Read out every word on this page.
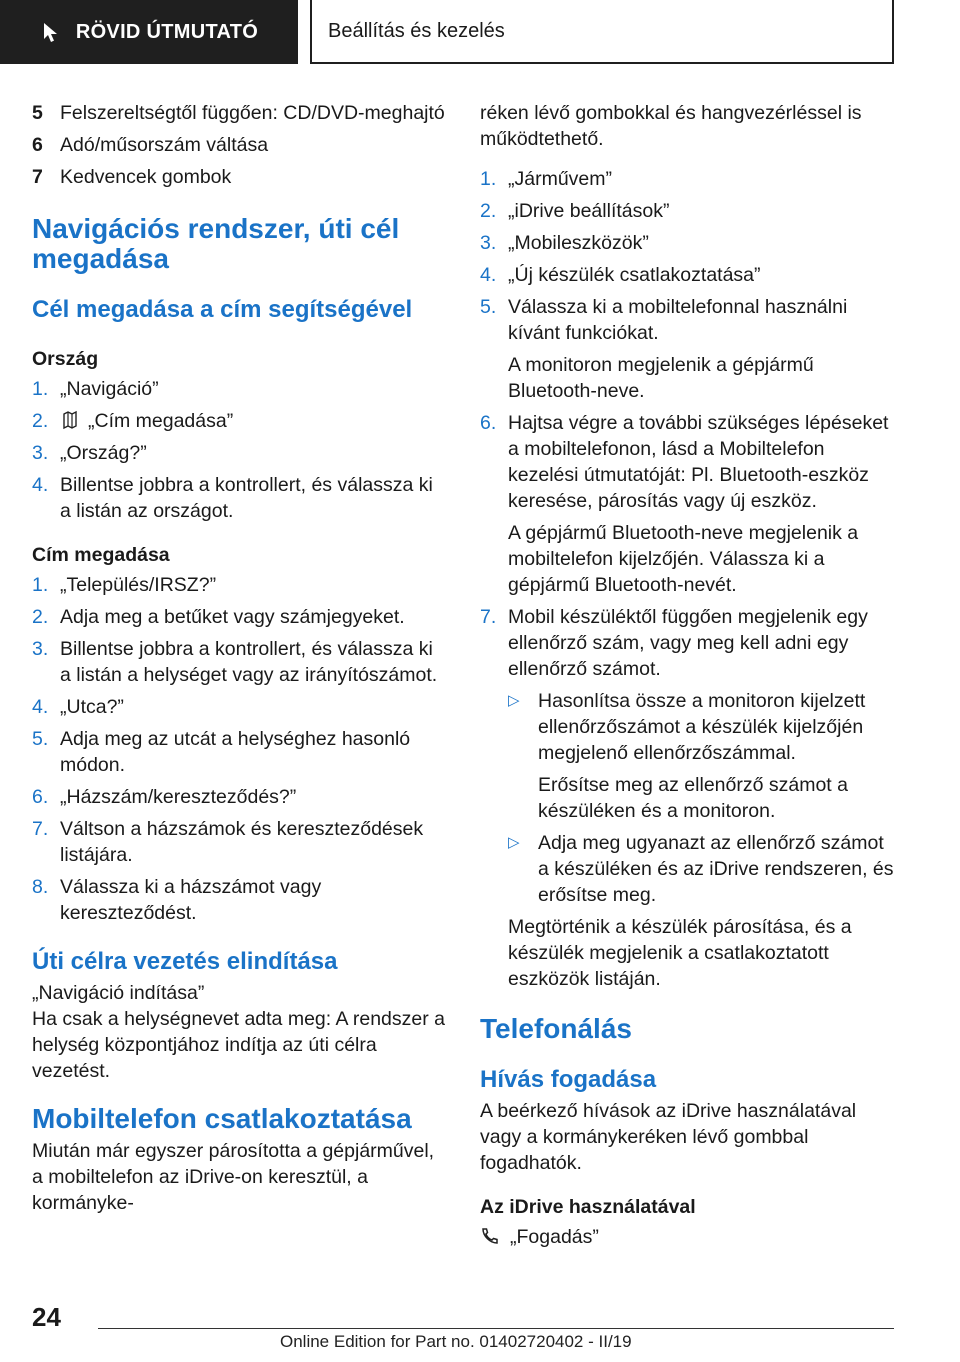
RÖVID ÚTMUTATÓ	Beállítás és kezelés
5 Felszereltségtől függően: CD/DVD-meghajtó
6 Adó/műsorszám váltása
7 Kedvencek gombok
Navigációs rendszer, úti cél megadása
Cél megadása a cím segítségével
Ország
1. „Navigáció”
2.	„Cím megadása”
3. „Ország?”
4. Billentse jobbra a kontrollert, és válassza ki a listán az országot.
Cím megadása
1. „Település/IRSZ?”
2. Adja meg a betűket vagy számjegyeket.
3. Billentse jobbra a kontrollert, és válassza ki a listán a helységet vagy az irányítószámot.
4. „Utca?”
5. Adja meg az utcát a helységhez hasonló módon.
6. „Házszám/kereszteződés?”
7. Váltson a házszámok és kereszteződések listájára.
8. Válassza ki a házszámot vagy kereszteződést.
Úti célra vezetés elindítása

„Navigáció indítása”

Ha csak a helységnevet adta meg: A rendszer a helység központjához indítja az úti célra vezetést.

Mobiltelefon csatlakoztatása

Miután már egyszer párosította a gépjárművel, a mobiltelefon az iDrive-on keresztül, a kormányke-

réken lévő gombokkal és hangvezérléssel is működtethető.

1. „Járművem”
2. „iDrive beállítások”
3. „Mobileszközök”
4. „Új készülék csatlakoztatása”
5. Válassza ki a mobiltelefonnal használni kívánt funkciókat.

A monitoron megjelenik a gépjármű Bluetooth-neve.

6. Hajtsa végre a további szükséges lépéseket a mobiltelefonon, lásd a Mobiltelefon kezelési útmutatóját: Pl. Bluetooth-eszköz keresése, párosítás vagy új eszköz.

A gépjármű Bluetooth-neve megjelenik a mobiltelefon kijelzőjén. Válassza ki a gépjármű Bluetooth-nevét.

7. Mobil készüléktől függően megjelenik egy ellenőrző szám, vagy meg kell adni egy ellenőrző számot.
▷ Hasonlítsa össze a monitoron kijelzett ellenőrzőszámot a készülék kijelzőjén megjelenő ellenőrzőszámmal.

Erősítse meg az ellenőrző számot a készüléken és a monitoron.

▷ Adja meg ugyanazt az ellenőrző számot a készüléken és az iDrive rendszeren, és erősítse meg.

Megtörténik a készülék párosítása, és a készülék megjelenik a csatlakoztatott eszközök listáján.

Telefonálás
Hívás fogadása

A beérkező hívások az iDrive használatával vagy a kormánykeréken lévő gombbal fogadhatók.

Az iDrive használatával
„Fogadás”
24
Online Edition for Part no. 01402720402 - II/19
